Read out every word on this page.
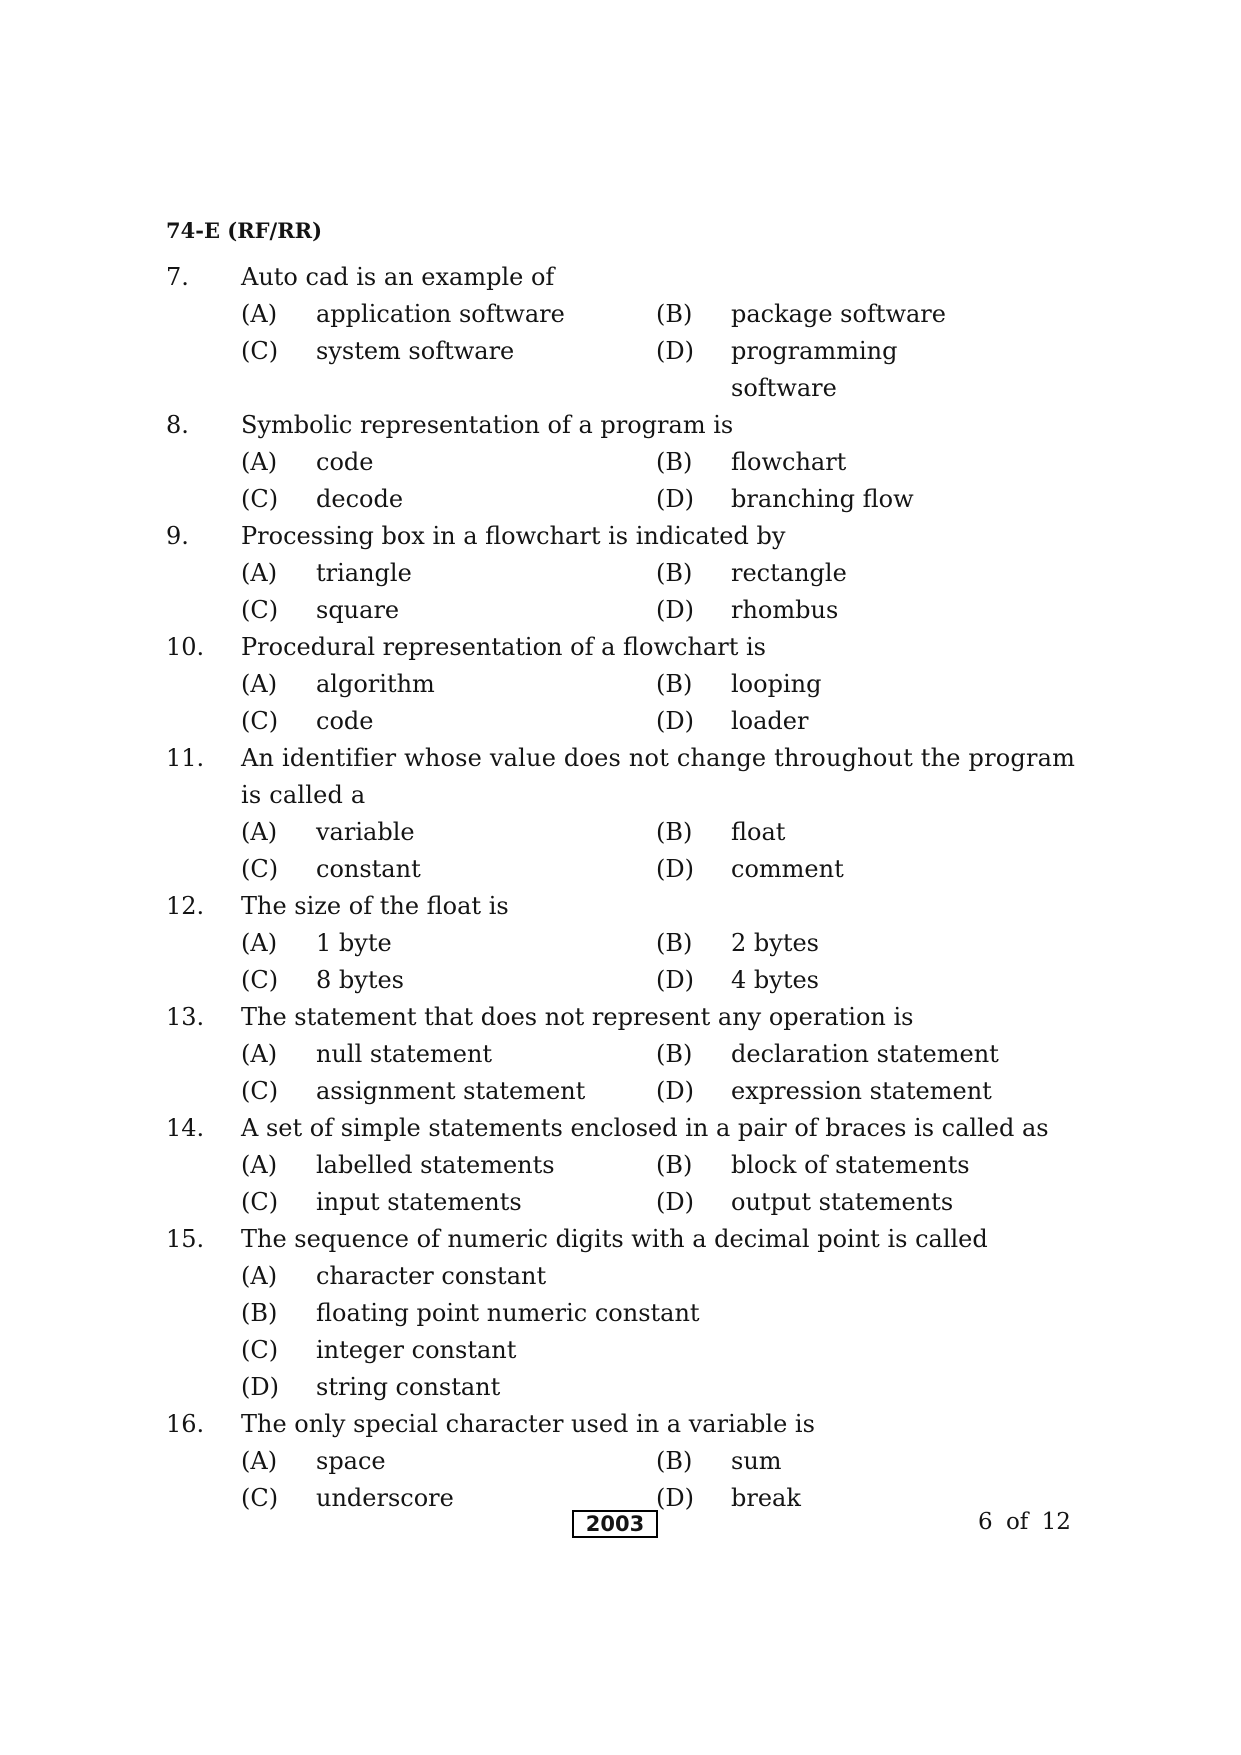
74-E (RF/RR)
7.	Auto cad is an example of
(A)	application software	(B)	package software
(C)	system software	(D)	programming software
8.	Symbolic representation of a program is
(A)	code	(B)	flowchart
(C)	decode	(D)	branching flow
9.	Processing box in a flowchart is indicated by
(A)	triangle	(B)	rectangle
(C)	square	(D)	rhombus
10.	Procedural representation of a flowchart is
(A)	algorithm	(B)	looping
(C)	code	(D)	loader
11.	An identifier whose value does not change throughout the program is called a
(A)	variable	(B)	float
(C)	constant	(D)	comment
12.	The size of the float is
(A)	1 byte	(B)	2 bytes
(C)	8 bytes	(D)	4 bytes
13.	The statement that does not represent any operation is
(A)	null statement	(B)	declaration statement
(C)	assignment statement	(D)	expression statement
14.	A set of simple statements enclosed in a pair of braces is called as
(A)	labelled statements	(B)	block of statements
(C)	input statements	(D)	output statements
15.	The sequence of numeric digits with a decimal point is called
(A)	character constant
(B)	floating point numeric constant
(C)	integer constant
(D)	string constant
16.	The only special character used in a variable is
(A)	space	(B)	sum
(C)	underscore	(D)	break
2003	6 of 12
